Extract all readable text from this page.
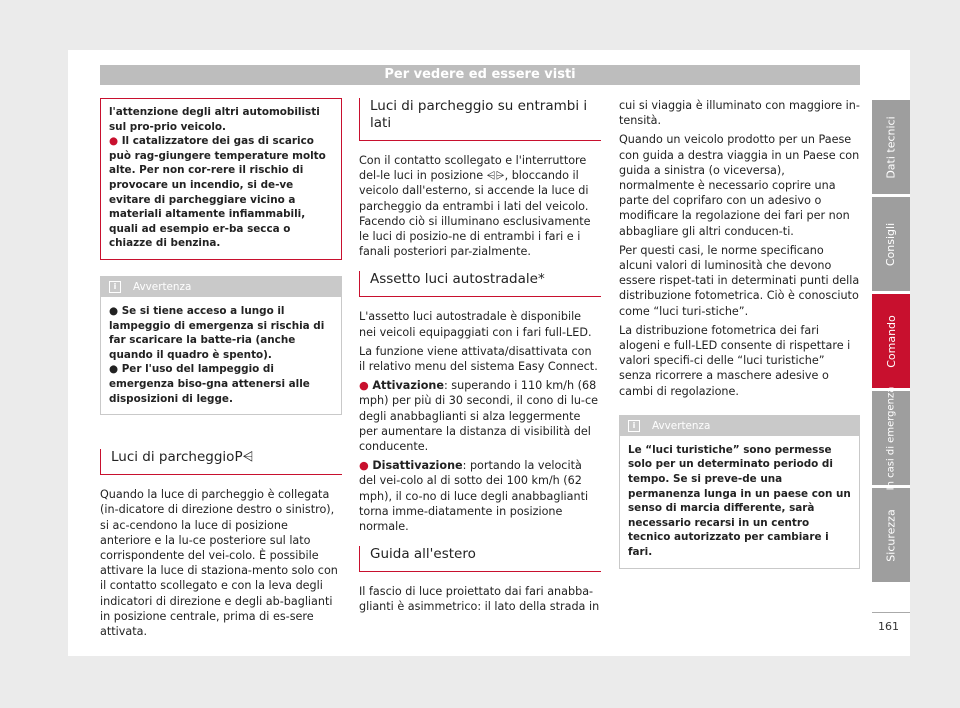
Per vedere ed essere visti

l'attenzione degli altri automobilisti sul pro-prio veicolo.

● Il catalizzatore dei gas di scarico può rag-giungere temperature molto alte. Per non cor-rere il rischio di provocare un incendio, si de-ve evitare di parcheggiare vicino a materiali altamente infiammabili, quali ad esempio er-ba secca o chiazze di benzina.

i	Avvertenza

● Se si tiene acceso a lungo il lampeggio di emergenza si rischia di far scaricare la batte-ria (anche quando il quadro è spento).

● Per l'uso del lampeggio di emergenza biso-gna attenersi alle disposizioni di legge.

Luci di parcheggioP⩤

Quando la luce di parcheggio è collegata (in-dicatore di direzione destro o sinistro), si ac-cendono la luce di posizione anteriore e la lu-ce posteriore sul lato corrispondente del vei-colo. È possibile attivare la luce di staziona-mento solo con il contatto scollegato e con la leva degli indicatori di direzione e degli ab-baglianti in posizione centrale, prima di es-sere attivata.

Luci di parcheggio su entrambi i lati

Con il contatto scollegato e l'interruttore del-le luci in posizione ⩤⩥, bloccando il veicolo dall'esterno, si accende la luce di parcheggio da entrambi i lati del veicolo. Facendo ciò si illuminano esclusivamente le luci di posizio-ne di entrambi i fari e i fanali posteriori par-zialmente.

Assetto luci autostradale*

L'assetto luci autostradale è disponibile nei veicoli equipaggiati con i fari full-LED.

La funzione viene attivata/disattivata con il relativo menu del sistema Easy Connect.

● Attivazione: superando i 110 km/h (68 mph) per più di 30 secondi, il cono di lu-ce degli anabbaglianti si alza leggermente per aumentare la distanza di visibilità del conducente.

● Disattivazione: portando la velocità del vei-colo al di sotto dei 100 km/h (62 mph), il co-no di luce degli anabbaglianti torna imme-diatamente in posizione normale.

Guida all'estero

Il fascio di luce proiettato dai fari anabba-glianti è asimmetrico: il lato della strada in

cui si viaggia è illuminato con maggiore in-tensità.

Quando un veicolo prodotto per un Paese con guida a destra viaggia in un Paese con guida a sinistra (o viceversa), normalmente è necessario coprire una parte del coprifaro con un adesivo o modificare la regolazione dei fari per non abbagliare gli altri conducen-ti.

Per questi casi, le norme specificano alcuni valori di luminosità che devono essere rispet-tati in determinati punti della distribuzione fotometrica. Ciò è conosciuto come “luci turi-stiche”.

La distribuzione fotometrica dei fari alogeni e full-LED consente di rispettare i valori specifi-ci delle “luci turistiche” senza ricorrere a maschere adesive o cambi di regolazione.

i	Avvertenza

Le “luci turistiche” sono permesse solo per un determinato periodo di tempo. Se si preve-de una permanenza lunga in un paese con un senso di marcia differente, sarà necessario recarsi in un centro tecnico autorizzato per cambiare i fari.

Dati tecnici
Consigli
Comando
In casi di emergenza
Sicurezza
161
